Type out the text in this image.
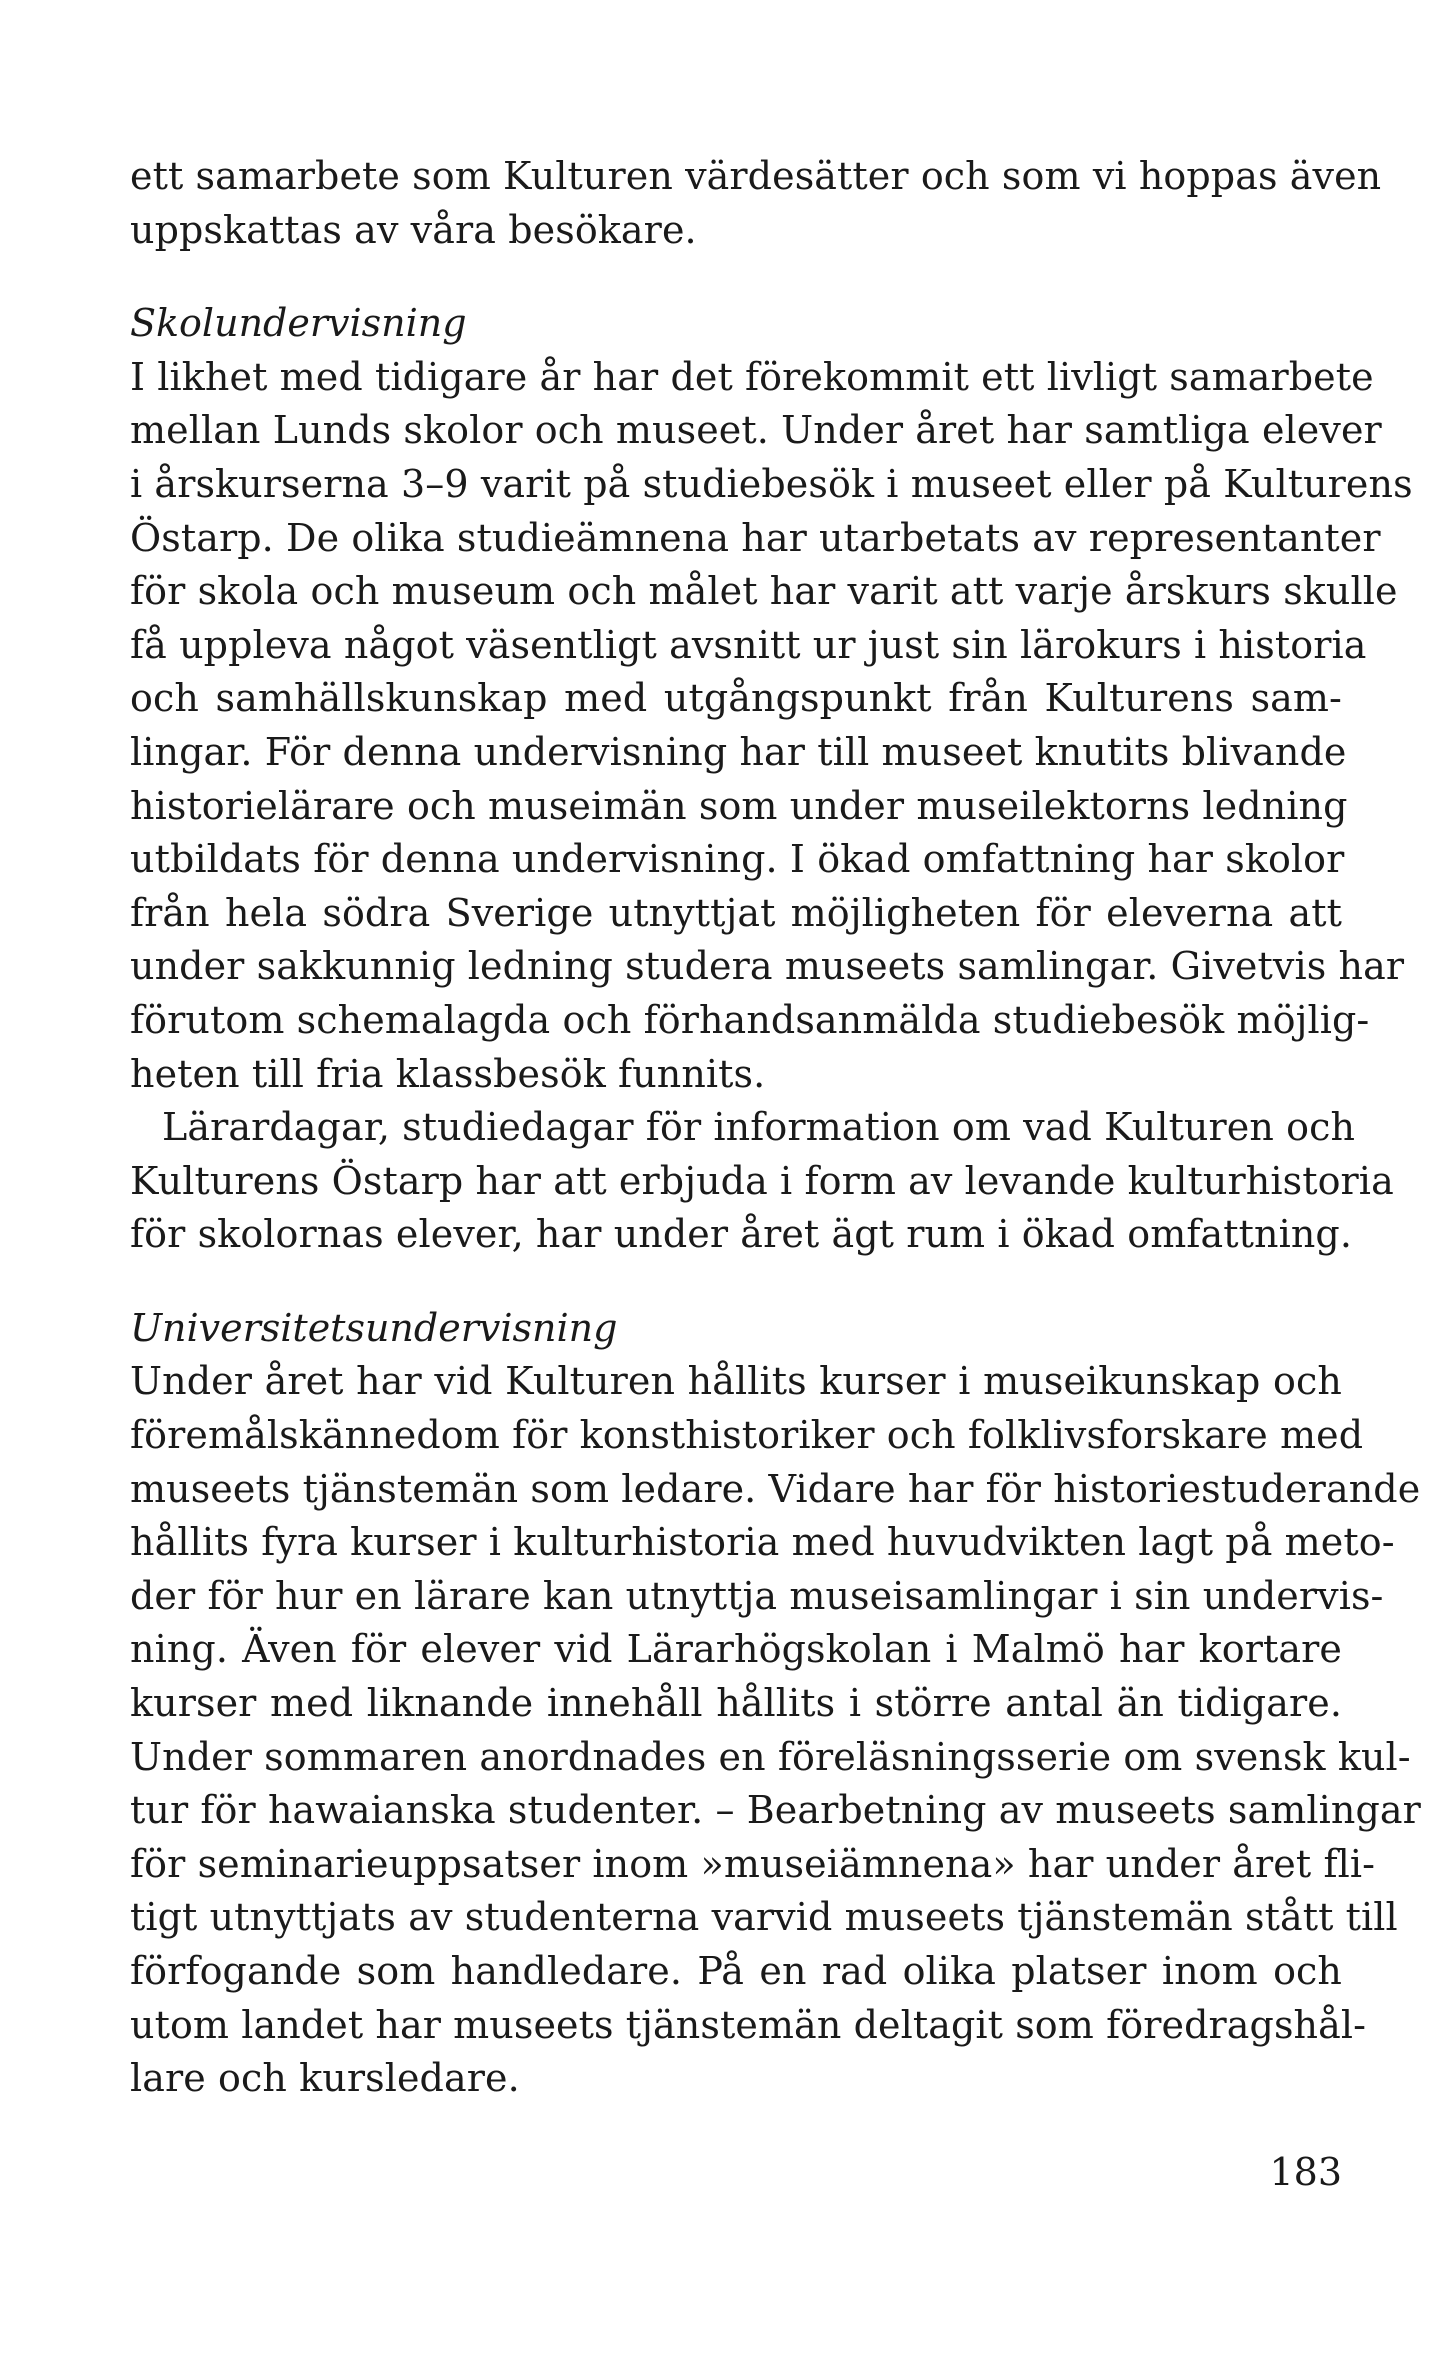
ett samarbete som Kulturen värdesätter och som vi hoppas även
uppskattas av våra besökare.
Skolundervisning
I likhet med tidigare år har det förekommit ett livligt samarbete
mellan Lunds skolor och museet. Under året har samtliga elever
i årskurserna 3–9 varit på studiebesök i museet eller på Kulturens
Östarp. De olika studieämnena har utarbetats av representanter
för skola och museum och målet har varit att varje årskurs skulle
få uppleva något väsentligt avsnitt ur just sin lärokurs i historia
och samhällskunskap med utgångspunkt från Kulturens sam-
lingar. För denna undervisning har till museet knutits blivande
historielärare och museimän som under museilektorns ledning
utbildats för denna undervisning. I ökad omfattning har skolor
från hela södra Sverige utnyttjat möjligheten för eleverna att
under sakkunnig ledning studera museets samlingar. Givetvis har
förutom schemalagda och förhandsanmälda studiebesök möjlig-
heten till fria klassbesök funnits.
Lärardagar, studiedagar för information om vad Kulturen och
Kulturens Östarp har att erbjuda i form av levande kulturhistoria
för skolornas elever, har under året ägt rum i ökad omfattning.
Universitetsundervisning
Under året har vid Kulturen hållits kurser i museikunskap och
föremålskännedom för konsthistoriker och folklivsforskare med
museets tjänstemän som ledare. Vidare har för historiestuderande
hållits fyra kurser i kulturhistoria med huvudvikten lagt på meto-
der för hur en lärare kan utnyttja museisamlingar i sin undervis-
ning. Även för elever vid Lärarhögskolan i Malmö har kortare
kurser med liknande innehåll hållits i större antal än tidigare.
Under sommaren anordnades en föreläsningsserie om svensk kul-
tur för hawaianska studenter. – Bearbetning av museets samlingar
för seminarieuppsatser inom »museiämnena» har under året fli-
tigt utnyttjats av studenterna varvid museets tjänstemän stått till
förfogande som handledare. På en rad olika platser inom och
utom landet har museets tjänstemän deltagit som föredragshål-
lare och kursledare.
183
